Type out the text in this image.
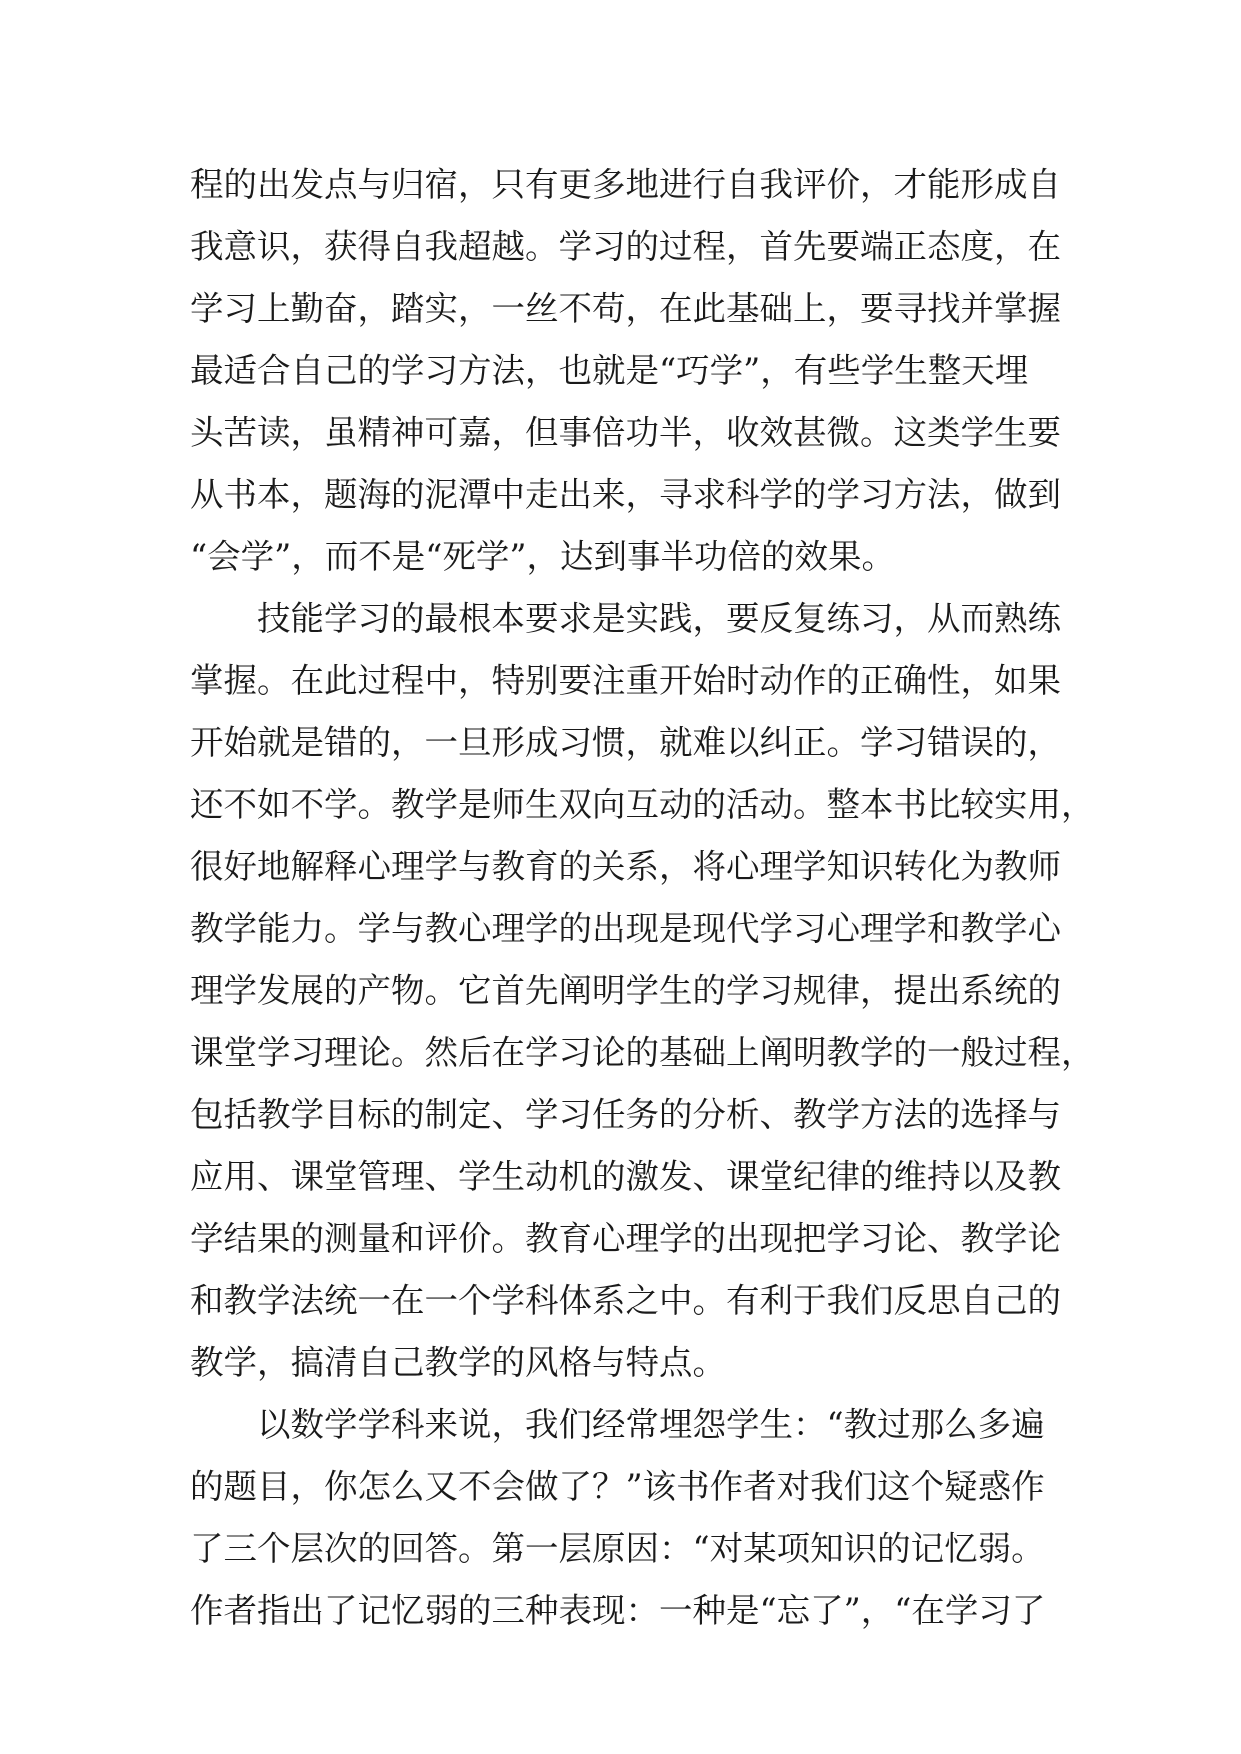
程的出发点与归宿，只有更多地进行自我评价，才能形成自
我意识，获得自我超越。学习的过程，首先要端正态度，在
学习上勤奋，踏实，一丝不苟，在此基础上，要寻找并掌握
最适合自己的学习方法，也就是“巧学”，有些学生整天埋
头苦读，虽精神可嘉，但事倍功半，收效甚微。这类学生要
从书本，题海的泥潭中走出来，寻求科学的学习方法，做到
“会学”，而不是“死学”，达到事半功倍的效果。
技能学习的最根本要求是实践，要反复练习，从而熟练
掌握。在此过程中，特别要注重开始时动作的正确性，如果
开始就是错的，一旦形成习惯，就难以纠正。学习错误的，
还不如不学。教学是师生双向互动的活动。整本书比较实用，
很好地解释心理学与教育的关系，将心理学知识转化为教师
教学能力。学与教心理学的出现是现代学习心理学和教学心
理学发展的产物。它首先阐明学生的学习规律，提出系统的
课堂学习理论。然后在学习论的基础上阐明教学的一般过程，
包括教学目标的制定、学习任务的分析、教学方法的选择与
应用、课堂管理、学生动机的激发、课堂纪律的维持以及教
学结果的测量和评价。教育心理学的出现把学习论、教学论
和教学法统一在一个学科体系之中。有利于我们反思自己的
教学，搞清自己教学的风格与特点。
以数学学科来说，我们经常埋怨学生：“教过那么多遍
的题目，你怎么又不会做了？”该书作者对我们这个疑惑作
了三个层次的回答。第一层原因：“对某项知识的记忆弱。
作者指出了记忆弱的三种表现：一种是“忘了”，“在学习了
